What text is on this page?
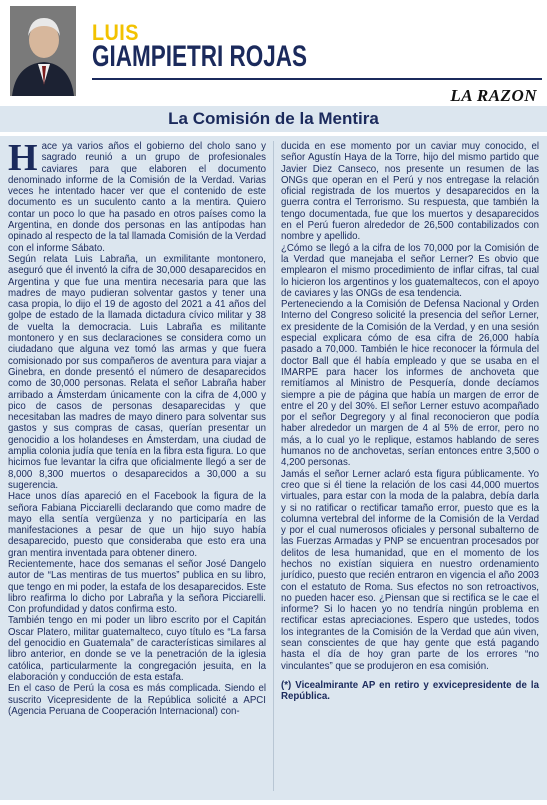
LUIS
GIAMPIETRI ROJAS
LA RAZON
La Comisión de la Mentira

Hace ya varios años el gobierno del cholo sano y sagrado reunió a un grupo de profesionales caviares para que elaboren el documento denominado informe de la Comisión de la Verdad. Varias veces he intentado hacer ver que el contenido de este documento es un suculento canto a la mentira. Quiero contar un poco lo que ha pasado en otros países como la Argentina, en donde dos personas en las antípodas han opinado al respecto de la tal llamada Comisión de la Verdad con el informe Sábato.

Según relata Luis Labraña, un exmilitante montonero, aseguró que él inventó la cifra de 30,000 desaparecidos en Argentina y que fue una mentira necesaria para que las madres de mayo pudieran solventar gastos y tener una casa propia, lo dijo el 19 de agosto del 2021 a 41 años del golpe de estado de la llamada dictadura cívico militar y 38 de vuelta la democracia. Luis Labraña es militante montonero y en sus declaraciones se considera como un ciudadano que alguna vez tomó las armas y que fuera comisionado por sus compañeros de aventura para viajar a Ginebra, en donde presentó el número de desaparecidos como de 30,000 personas. Relata el señor Labraña haber arribado a Ámsterdam únicamente con la cifra de 4,000 y pico de casos de personas desaparecidas y que necesitaban las madres de mayo dinero para solventar sus gastos y sus compras de casas, querían presentar un genocidio a los holandeses en Ámsterdam, una ciudad de amplia colonia judía que tenía en la fibra esta figura. Lo que hicimos fue levantar la cifra que oficialmente llegó a ser de 8,000 8,300 muertos o desaparecidos a 30,000 a su sugerencia.

Hace unos días apareció en el Facebook la figura de la señora Fabiana Picciarelli declarando que como madre de mayo ella sentía vergüenza y no participaría en las manifestaciones a pesar de que un hijo suyo había desaparecido, puesto que consideraba que esto era una gran mentira inventada para obtener dinero.

Recientemente, hace dos semanas el señor José Dangelo autor de “Las mentiras de tus muertos” publica en su libro, que tengo en mi poder, la estafa de los desaparecidos. Este libro reafirma lo dicho por Labraña y la señora Picciarelli. Con profundidad y datos confirma esto.

También tengo en mi poder un libro escrito por el Capitán Oscar Platero, militar guatemalteco, cuyo título es “La farsa del genocidio en Guatemala” de características similares al libro anterior, en donde se ve la penetración de la iglesia católica, particularmente la congregación jesuita, en la elaboración y conducción de esta estafa.

En el caso de Perú la cosa es más complicada. Siendo el suscrito Vicepresidente de la República solicité a APCI (Agencia Peruana de Cooperación Internacional) con-

ducida en ese momento por un caviar muy conocido, el señor Agustín Haya de la Torre, hijo del mismo partido que Javier Diez Canseco, nos presente un resumen de las ONGs que operan en el Perú y nos entregase la relación oficial registrada de los muertos y desaparecidos en la guerra contra el Terrorismo. Su respuesta, que también la tengo documentada, fue que los muertos y desaparecidos en el Perú fueron alrededor de 26,500 contabilizados con nombre y apellido.

¿Cómo se llegó a la cifra de los 70,000 por la Comisión de la Verdad que manejaba el señor Lerner? Es obvio que emplearon el mismo procedimiento de inflar cifras, tal cual lo hicieron los argentinos y los guatemaltecos, con el apoyo de caviares y las ONGs de esa tendencia.

Perteneciendo a la Comisión de Defensa Nacional y Orden Interno del Congreso solicité la presencia del señor Lerner, ex presidente de la Comisión de la Verdad, y en una sesión especial explicara cómo de esa cifra de 26,000 había pasado a 70,000. También le hice reconocer la fórmula del doctor Ball que él había empleado y que se usaba en el IMARPE para hacer los informes de anchoveta que remitíamos al Ministro de Pesquería, donde decíamos siempre a pie de página que había un margen de error de entre el 20 y del 30%. El señor Lerner estuvo acompañado por el señor Degregory y al final reconocieron que podía haber alrededor un margen de 4 al 5% de error, pero no más, a lo cual yo le replique, estamos hablando de seres humanos no de anchovetas, serían entonces entre 3,500 o 4,200 personas.

Jamás el señor Lerner aclaró esta figura públicamente. Yo creo que si él tiene la relación de los casi 44,000 muertos virtuales, para estar con la moda de la palabra, debía darla y si no ratificar o rectificar tamaño error, puesto que es la columna vertebral del informe de la Comisión de la Verdad y por el cual numerosos oficiales y personal subalterno de las Fuerzas Armadas y PNP se encuentran procesados por delitos de lesa humanidad, que en el momento de los hechos no existían siquiera en nuestro ordenamiento jurídico, puesto que recién entraron en vigencia el año 2003 con el estatuto de Roma. Sus efectos no son retroactivos, no pueden hacer eso. ¿Piensan que si rectifica se le cae el informe? Si lo hacen yo no tendría ningún problema en rectificar estas apreciaciones. Espero que ustedes, todos los integrantes de la Comisión de la Verdad que aún viven, sean conscientes de que hay gente que está pagando hasta el día de hoy gran parte de los errores “no vinculantes” que se produjeron en esa comisión.

(*) Vicealmirante AP en retiro y exvicepresidente de la República.
